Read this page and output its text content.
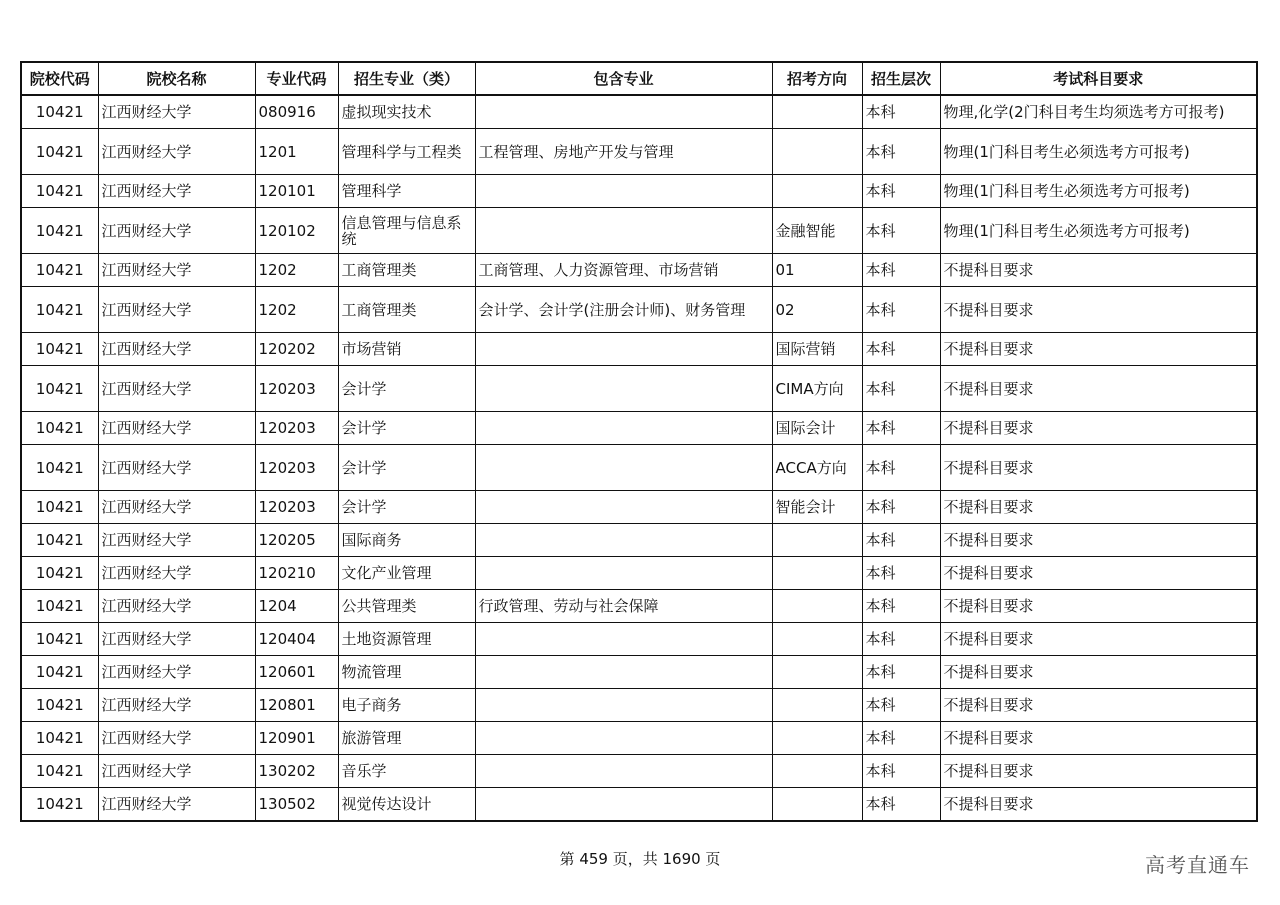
院校代码	院校名称	专业代码	招生专业（类）	包含专业	招考方向	招生层次	考试科目要求
10421	江西财经大学	080916	虚拟现实技术			本科	物理,化学(2门科目考生均须选考方可报考)
10421	江西财经大学	1201	管理科学与工程类	工程管理、房地产开发与管理		本科	物理(1门科目考生必须选考方可报考)
10421	江西财经大学	120101	管理科学			本科	物理(1门科目考生必须选考方可报考)
10421	江西财经大学	120102	信息管理与信息系统		金融智能	本科	物理(1门科目考生必须选考方可报考)
10421	江西财经大学	1202	工商管理类	工商管理、人力资源管理、市场营销	01	本科	不提科目要求
10421	江西财经大学	1202	工商管理类	会计学、会计学(注册会计师)、财务管理	02	本科	不提科目要求
10421	江西财经大学	120202	市场营销		国际营销	本科	不提科目要求
10421	江西财经大学	120203	会计学		CIMA方向	本科	不提科目要求
10421	江西财经大学	120203	会计学		国际会计	本科	不提科目要求
10421	江西财经大学	120203	会计学		ACCA方向	本科	不提科目要求
10421	江西财经大学	120203	会计学		智能会计	本科	不提科目要求
10421	江西财经大学	120205	国际商务			本科	不提科目要求
10421	江西财经大学	120210	文化产业管理			本科	不提科目要求
10421	江西财经大学	1204	公共管理类	行政管理、劳动与社会保障		本科	不提科目要求
10421	江西财经大学	120404	土地资源管理			本科	不提科目要求
10421	江西财经大学	120601	物流管理			本科	不提科目要求
10421	江西财经大学	120801	电子商务			本科	不提科目要求
10421	江西财经大学	120901	旅游管理			本科	不提科目要求
10421	江西财经大学	130202	音乐学			本科	不提科目要求
10421	江西财经大学	130502	视觉传达设计			本科	不提科目要求
第 459 页，共 1690 页	高考直通车
